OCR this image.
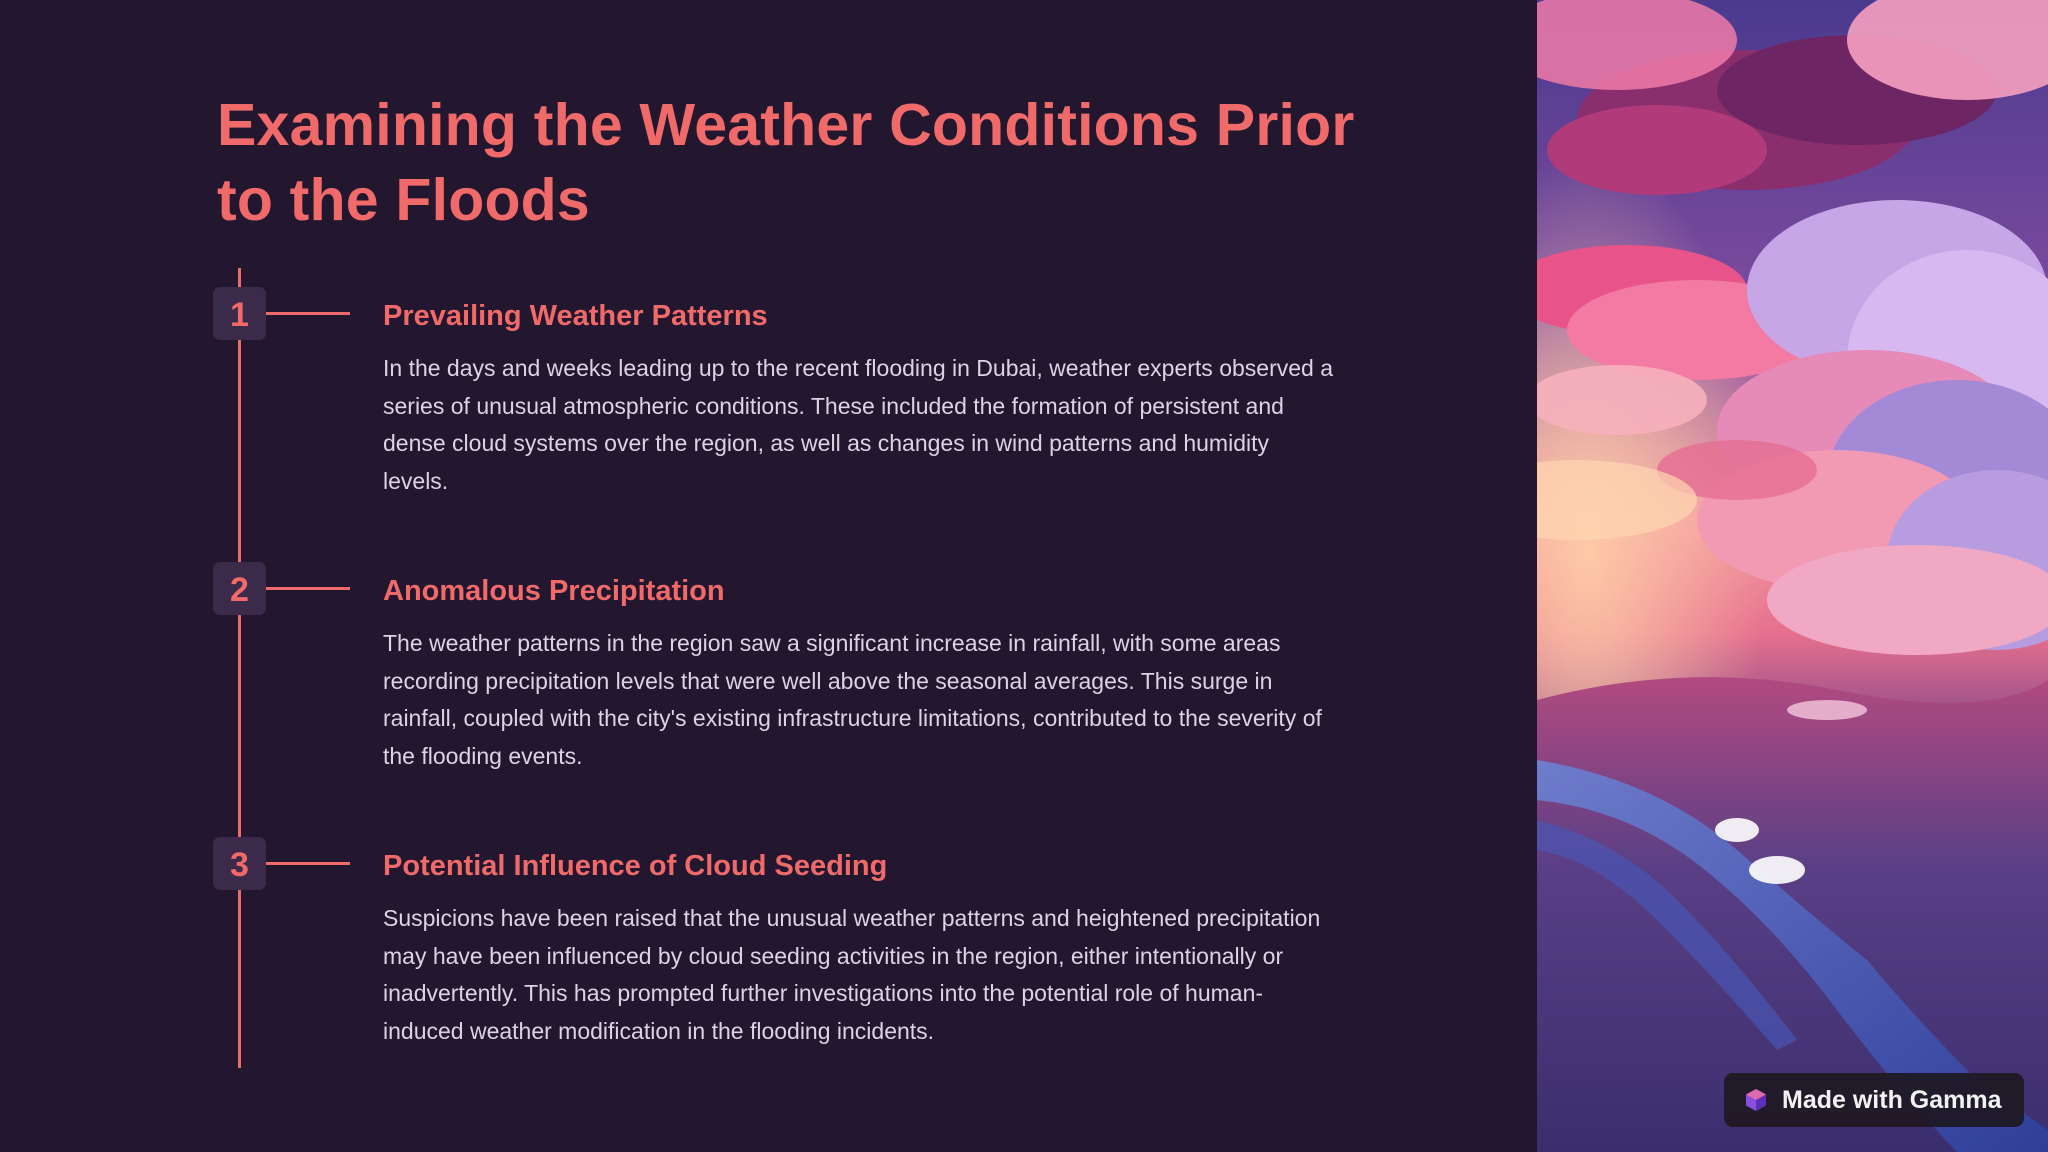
Examining the Weather Conditions Prior to the Floods
1	Prevailing Weather Patterns

In the days and weeks leading up to the recent flooding in Dubai, weather experts observed a series of unusual atmospheric conditions. These included the formation of persistent and dense cloud systems over the region, as well as changes in wind patterns and humidity levels.

2	Anomalous Precipitation

The weather patterns in the region saw a significant increase in rainfall, with some areas recording precipitation levels that were well above the seasonal averages. This surge in rainfall, coupled with the city's existing infrastructure limitations, contributed to the severity of the flooding events.

3	Potential Influence of Cloud Seeding

Suspicions have been raised that the unusual weather patterns and heightened precipitation may have been influenced by cloud seeding activities in the region, either intentionally or inadvertently. This has prompted further investigations into the potential role of human-induced weather modification in the flooding incidents.

Made with Gamma
